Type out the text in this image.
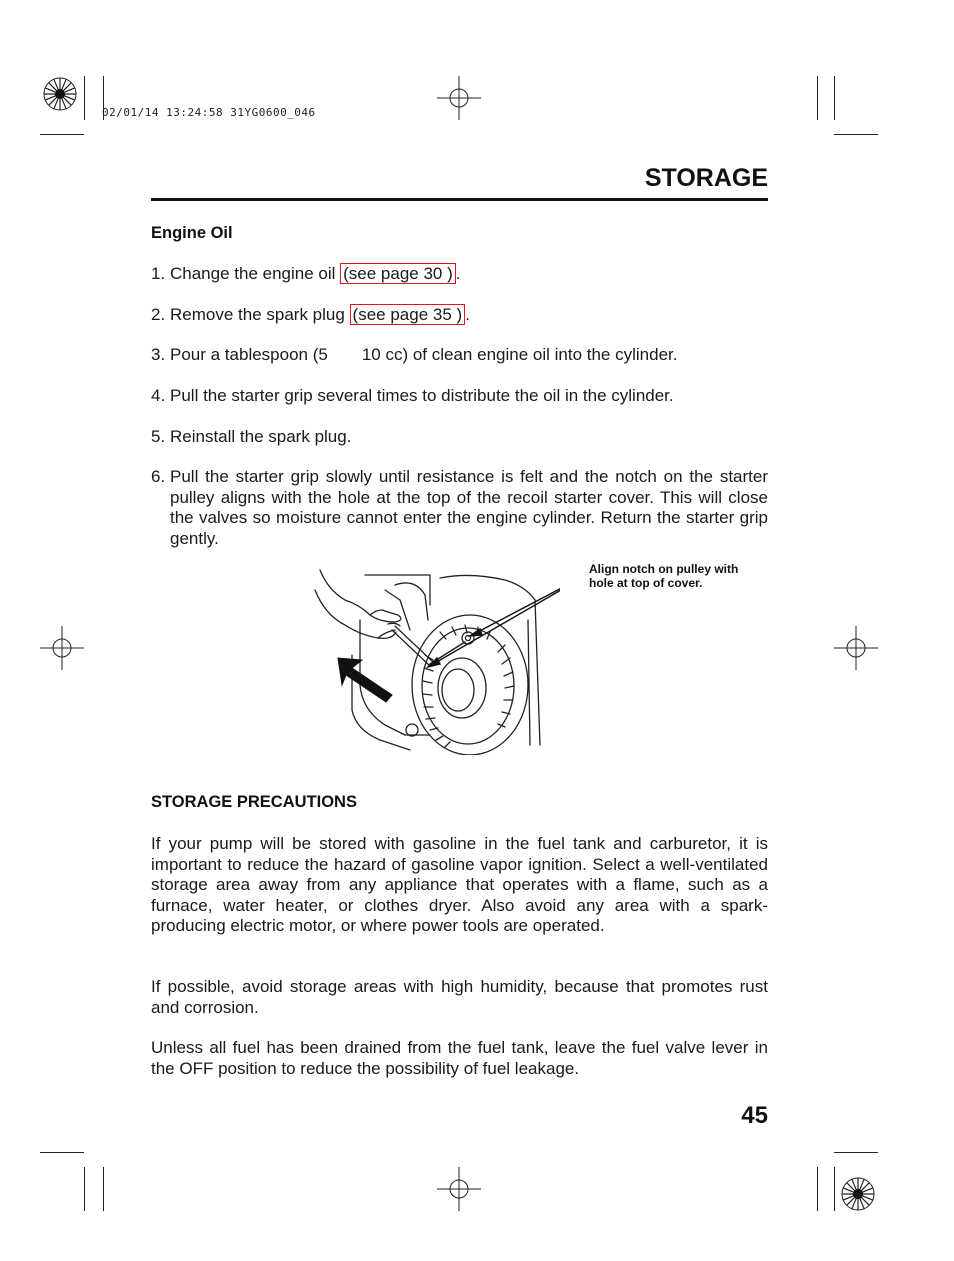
02/01/14 13:24:58 31YG0600_046
STORAGE
Engine Oil
1. Change the engine oil (see page 30 ) .
2. Remove the spark plug (see page 35 ) .
3. Pour a tablespoon (5  10 cc) of clean engine oil into the cylinder.
4. Pull the starter grip several times to distribute the oil in the cylinder.
5. Reinstall the spark plug.
6. Pull the starter grip slowly until resistance is felt and the notch on the starter pulley aligns with the hole at the top of the recoil starter cover. This will close the valves so moisture cannot enter the engine cylinder. Return the starter grip gently.
Align notch on pulley with
hole at top of cover.
STORAGE PRECAUTIONS
If your pump will be stored with gasoline in the fuel tank and carburetor, it is important to reduce the hazard of gasoline vapor ignition. Select a well-ventilated storage area away from any appliance that operates with a flame, such as a furnace, water heater, or clothes dryer. Also avoid any area with a spark-producing electric motor, or where power tools are operated.
If possible, avoid storage areas with high humidity, because that promotes rust and corrosion.
Unless all fuel has been drained from the fuel tank, leave the fuel valve lever in the OFF position to reduce the possibility of fuel leakage.
45
